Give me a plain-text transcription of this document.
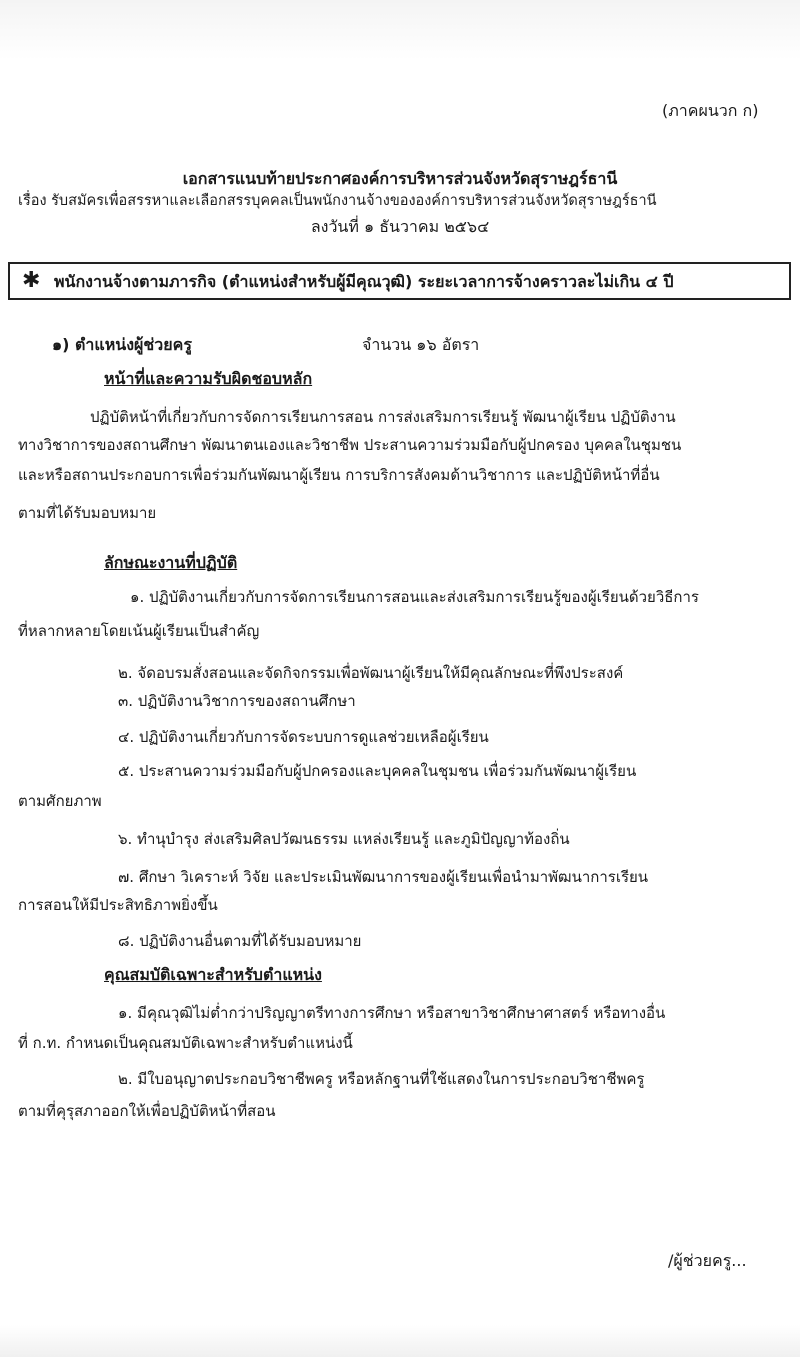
(ภาคผนวก ก)
เอกสารแนบท้ายประกาศองค์การบริหารส่วนจังหวัดสุราษฎร์ธานี
เรื่อง รับสมัครเพื่อสรรหาและเลือกสรรบุคคลเป็นพนักงานจ้างขององค์การบริหารส่วนจังหวัดสุราษฎร์ธานี
ลงวันที่ ๑ ธันวาคม ๒๕๖๔
✱ พนักงานจ้างตามภารกิจ (ตำแหน่งสำหรับผู้มีคุณวุฒิ) ระยะเวลาการจ้างคราวละไม่เกิน ๔ ปี
๑) ตำแหน่งผู้ช่วยครู	จำนวน ๑๖ อัตรา
หน้าที่และความรับผิดชอบหลัก
ปฏิบัติหน้าที่เกี่ยวกับการจัดการเรียนการสอน การส่งเสริมการเรียนรู้ พัฒนาผู้เรียน ปฏิบัติงาน
ทางวิชาการของสถานศึกษา พัฒนาตนเองและวิชาชีพ ประสานความร่วมมือกับผู้ปกครอง บุคคลในชุมชน
และหรือสถานประกอบการเพื่อร่วมกันพัฒนาผู้เรียน การบริการสังคมด้านวิชาการ และปฏิบัติหน้าที่อื่น
ตามที่ได้รับมอบหมาย
ลักษณะงานที่ปฏิบัติ
๑. ปฏิบัติงานเกี่ยวกับการจัดการเรียนการสอนและส่งเสริมการเรียนรู้ของผู้เรียนด้วยวิธีการ
ที่หลากหลายโดยเน้นผู้เรียนเป็นสำคัญ
๒. จัดอบรมสั่งสอนและจัดกิจกรรมเพื่อพัฒนาผู้เรียนให้มีคุณลักษณะที่พึงประสงค์
๓. ปฏิบัติงานวิชาการของสถานศึกษา
๔. ปฏิบัติงานเกี่ยวกับการจัดระบบการดูแลช่วยเหลือผู้เรียน
๕. ประสานความร่วมมือกับผู้ปกครองและบุคคลในชุมชน เพื่อร่วมกันพัฒนาผู้เรียน
ตามศักยภาพ
๖. ทำนุบำรุง ส่งเสริมศิลปวัฒนธรรม แหล่งเรียนรู้ และภูมิปัญญาท้องถิ่น
๗. ศึกษา วิเคราะห์ วิจัย และประเมินพัฒนาการของผู้เรียนเพื่อนำมาพัฒนาการเรียน
การสอนให้มีประสิทธิภาพยิ่งขึ้น
๘. ปฏิบัติงานอื่นตามที่ได้รับมอบหมาย
คุณสมบัติเฉพาะสำหรับตำแหน่ง
๑. มีคุณวุฒิไม่ต่ำกว่าปริญญาตรีทางการศึกษา หรือสาขาวิชาศึกษาศาสตร์ หรือทางอื่น
ที่ ก.ท. กำหนดเป็นคุณสมบัติเฉพาะสำหรับตำแหน่งนี้
๒. มีใบอนุญาตประกอบวิชาชีพครู หรือหลักฐานที่ใช้แสดงในการประกอบวิชาชีพครู
ตามที่คุรุสภาออกให้เพื่อปฏิบัติหน้าที่สอน
/ผู้ช่วยครู...
